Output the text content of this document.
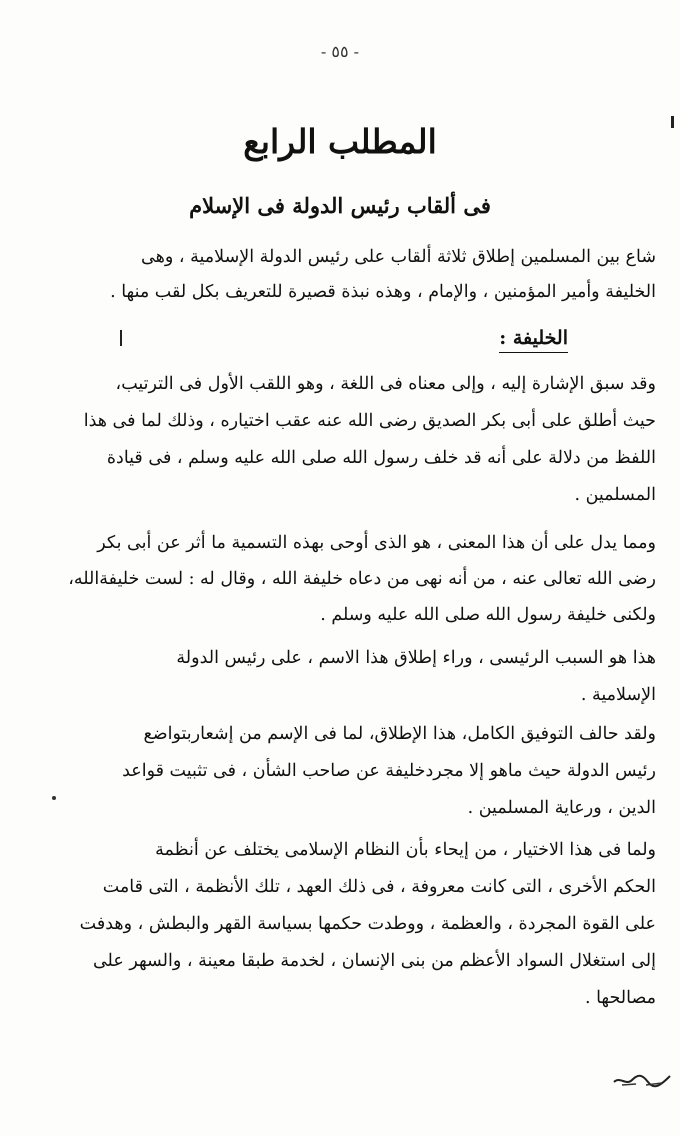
- ٥٥ -
المطلب الرابع
فى ألقاب رئيس الدولة فى الإسلام
شاع بين المسلمين إطلاق ثلاثة ألقاب على رئيس الدولة الإسلامية ، وهى
الخليفة وأمير المؤمنين ، والإمام ، وهذه نبذة قصيرة للتعريف بكل لقب منها .
الخليفة :
وقد سبق الإشارة إليه ، وإلى معناه فى اللغة ، وهو اللقب الأول فى الترتيب،
حيث أطلق على أبى بكر الصديق رضى الله عنه عقب اختياره ، وذلك لما فى هذا
اللفظ من دلالة على أنه قد خلف رسول الله صلى الله عليه وسلم ، فى قيادة
المسلمين .
ومما يدل على أن هذا المعنى ، هو الذى أوحى بهذه التسمية ما أثر عن أبى بكر
رضى الله تعالى عنه ، من أنه نهى من دعاه خليفة الله ، وقال له : لست خليفةالله،
ولكنى خليفة رسول الله صلى الله عليه وسلم .
هذا هو السبب الرئيسى ، وراء إطلاق هذا الاسم ، على رئيس الدولة
الإسلامية .
ولقد حالف التوفيق الكامل، هذا الإطلاق، لما فى الإسم من إشعاربتواضع
رئيس الدولة حيث ماهو إلا مجردخليفة عن صاحب الشأن ، فى تثبيت قواعد
الدين ، ورعاية المسلمين .
ولما فى هذا الاختيار ، من إيحاء بأن النظام الإسلامى يختلف عن أنظمة
الحكم الأخرى ، التى كانت معروفة ، فى ذلك العهد ، تلك الأنظمة ، التى قامت
على القوة المجردة ، والعظمة ، ووطدت حكمها بسياسة القهر والبطش ، وهدفت
إلى استغلال السواد الأعظم من بنى الإنسان ، لخدمة طبقا معينة ، والسهر على
مصالحها .
